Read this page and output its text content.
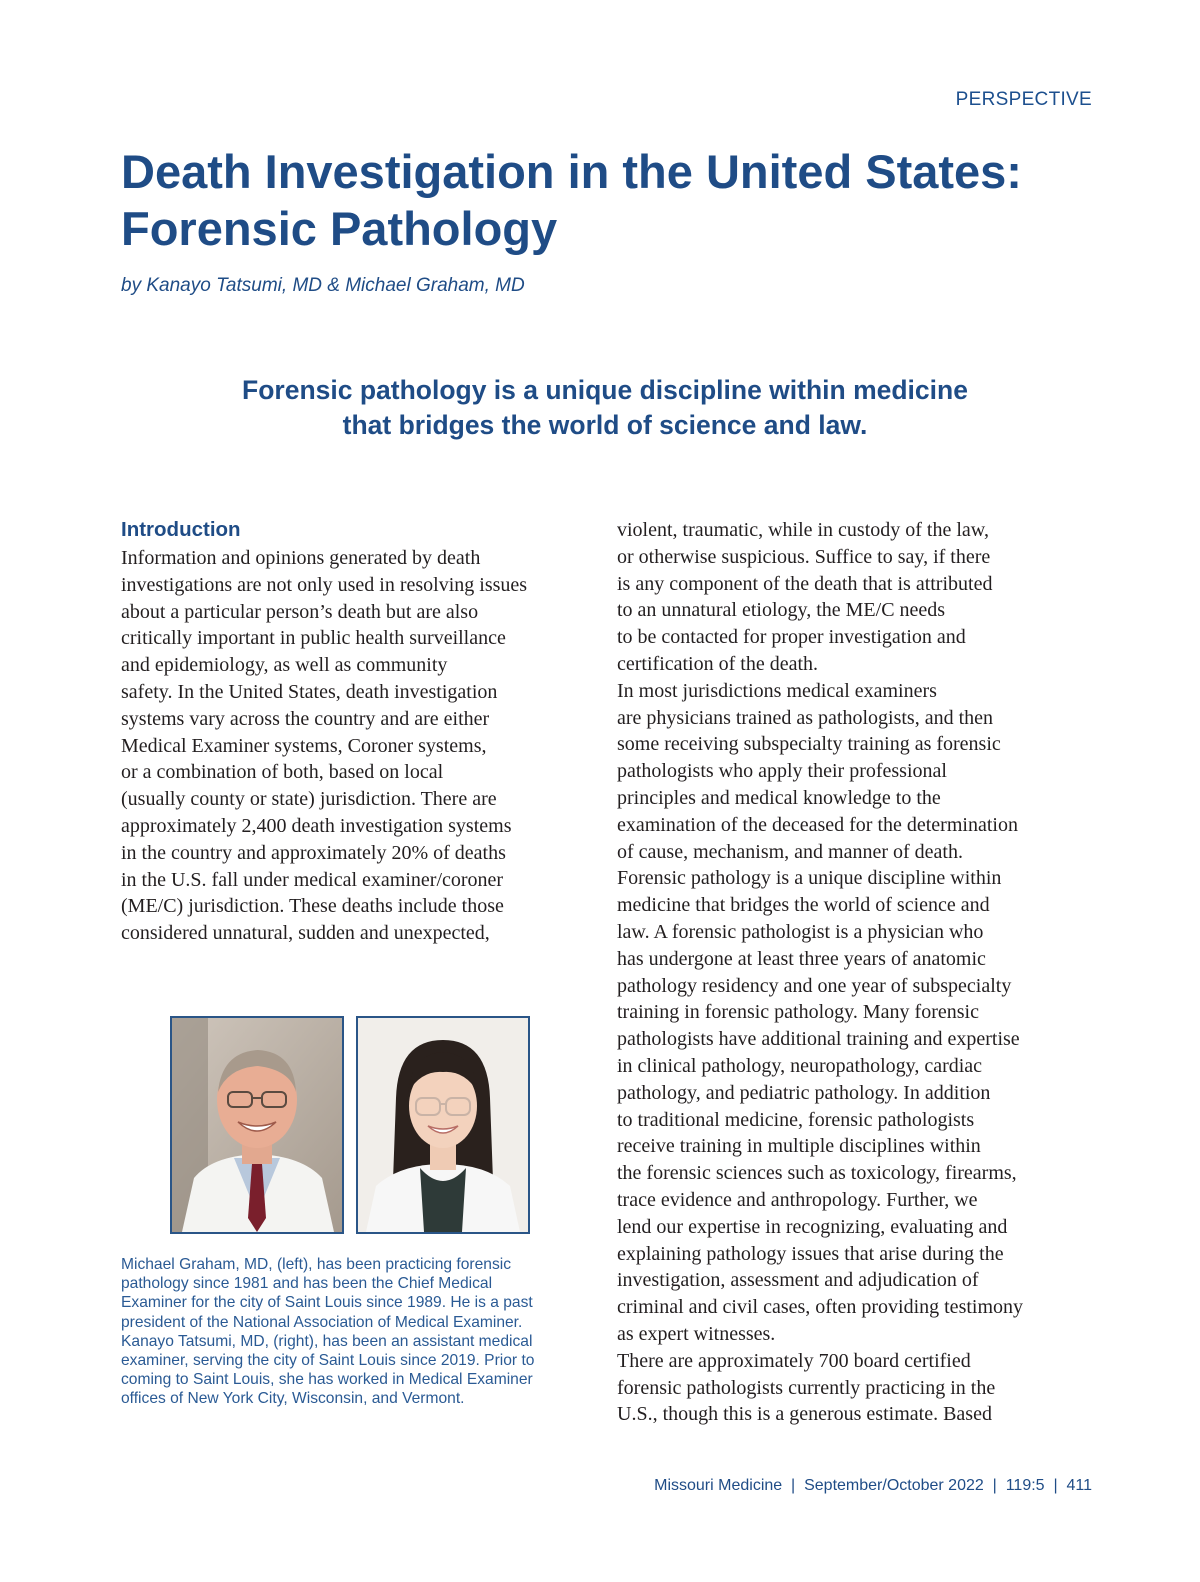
PERSPECTIVE
Death Investigation in the United States:
Forensic Pathology
by Kanayo Tatsumi, MD & Michael Graham, MD
Forensic pathology is a unique discipline within medicine
that bridges the world of science and law.
Introduction

Information and opinions generated by death
investigations are not only used in resolving issues
about a particular person’s death but are also
critically important in public health surveillance
and epidemiology, as well as community
safety. In the United States, death investigation
systems vary across the country and are either
Medical Examiner systems, Coroner systems,
or a combination of both, based on local
(usually county or state) jurisdiction. There are
approximately 2,400 death investigation systems
in the country and approximately 20% of deaths
in the U.S. fall under medical examiner/coroner
(ME/C) jurisdiction. These deaths include those
considered unnatural, sudden and unexpected,

Michael Graham, MD, (left), has been practicing forensic
pathology since 1981 and has been the Chief Medical
Examiner for the city of Saint Louis since 1989. He is a past
president of the National Association of Medical Examiner.
Kanayo Tatsumi, MD, (right), has been an assistant medical
examiner, serving the city of Saint Louis since 2019. Prior to
coming to Saint Louis, she has worked in Medical Examiner
offices of New York City, Wisconsin, and Vermont.

violent, traumatic, while in custody of the law,
or otherwise suspicious. Suffice to say, if there
is any component of the death that is attributed
to an unnatural etiology, the ME/C needs
to be contacted for proper investigation and
certification of the death.
In most jurisdictions medical examiners
are physicians trained as pathologists, and then
some receiving subspecialty training as forensic
pathologists who apply their professional
principles and medical knowledge to the
examination of the deceased for the determination
of cause, mechanism, and manner of death.
Forensic pathology is a unique discipline within
medicine that bridges the world of science and
law. A forensic pathologist is a physician who
has undergone at least three years of anatomic
pathology residency and one year of subspecialty
training in forensic pathology. Many forensic
pathologists have additional training and expertise
in clinical pathology, neuropathology, cardiac
pathology, and pediatric pathology. In addition
to traditional medicine, forensic pathologists
receive training in multiple disciplines within
the forensic sciences such as toxicology, firearms,
trace evidence and anthropology. Further, we
lend our expertise in recognizing, evaluating and
explaining pathology issues that arise during the
investigation, assessment and adjudication of
criminal and civil cases, often providing testimony
as expert witnesses.
There are approximately 700 board certified
forensic pathologists currently practicing in the
U.S., though this is a generous estimate. Based

Missouri Medicine  |  September/October 2022  |  119:5  |  411
